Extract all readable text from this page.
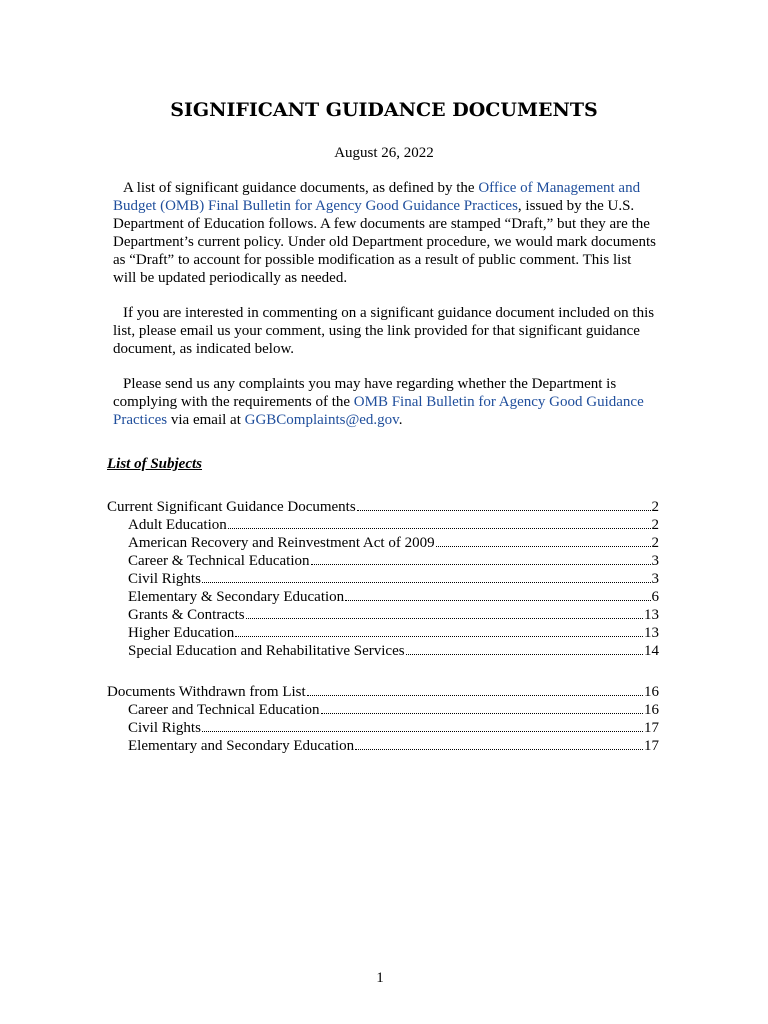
SIGNIFICANT GUIDANCE DOCUMENTS
August 26, 2022
A list of significant guidance documents, as defined by the Office of Management and Budget (OMB) Final Bulletin for Agency Good Guidance Practices, issued by the U.S. Department of Education follows. A few documents are stamped “Draft,” but they are the Department’s current policy. Under old Department procedure, we would mark documents as “Draft” to account for possible modification as a result of public comment. This list will be updated periodically as needed.
If you are interested in commenting on a significant guidance document included on this list, please email us your comment, using the link provided for that significant guidance document, as indicated below.
Please send us any complaints you may have regarding whether the Department is complying with the requirements of the OMB Final Bulletin for Agency Good Guidance Practices via email at GGBComplaints@ed.gov.
List of Subjects
Current Significant Guidance Documents	2
Adult Education	2
American Recovery and Reinvestment Act of 2009	2
Career & Technical Education	3
Civil Rights	3
Elementary & Secondary Education	6
Grants & Contracts	13
Higher Education	13
Special Education and Rehabilitative Services	14
Documents Withdrawn from List	16
Career and Technical Education	16
Civil Rights	17
Elementary and Secondary Education	17
1
